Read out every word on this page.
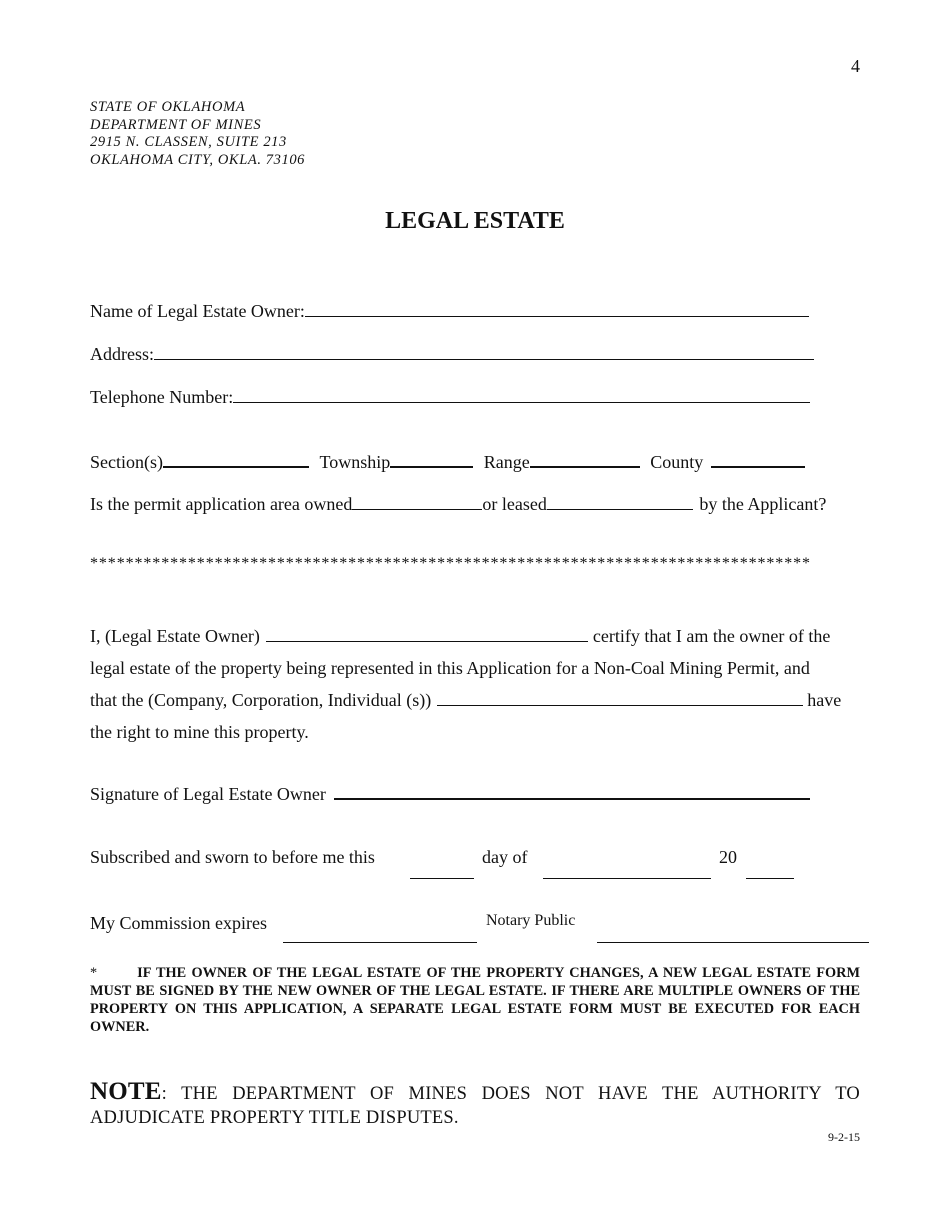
4
STATE OF OKLAHOMA
DEPARTMENT OF MINES
2915 N. CLASSEN, SUITE 213
OKLAHOMA CITY, OKLA. 73106
LEGAL ESTATE
Name of Legal Estate Owner:
Address:
Telephone Number:
Section(s)	Township	Range	County
Is the permit application area owned	or leased	by the Applicant?
*********************************************************************************
I, (Legal Estate Owner)	certify that I am the owner of the
legal estate of the property being represented in this Application for a Non-Coal Mining Permit, and
that the (Company, Corporation, Individual (s))	have
the right to mine this property.
Signature of Legal Estate Owner
Subscribed and sworn to before me this	day of	20
My Commission expires	Notary Public
*	IF THE OWNER OF THE LEGAL ESTATE OF THE PROPERTY CHANGES, A NEW LEGAL ESTATE FORM MUST BE SIGNED BY THE NEW OWNER OF THE LEGAL ESTATE. IF THERE ARE MULTIPLE OWNERS OF THE PROPERTY ON THIS APPLICATION, A SEPARATE LEGAL ESTATE FORM MUST BE EXECUTED FOR EACH OWNER.
NOTE: THE DEPARTMENT OF MINES DOES NOT HAVE THE AUTHORITY TO ADJUDICATE PROPERTY TITLE DISPUTES.
9-2-15
